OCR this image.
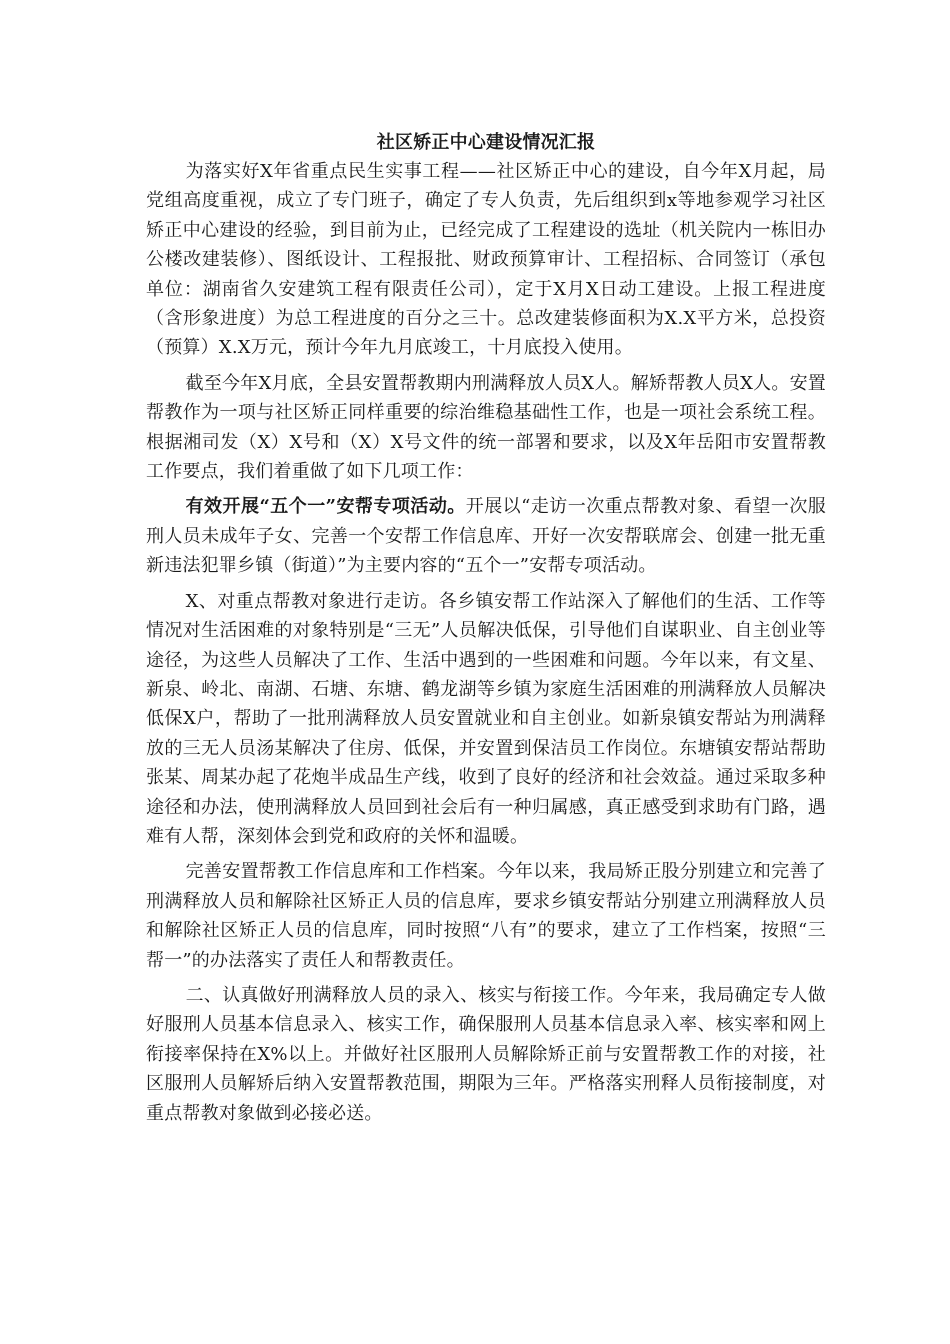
社区矫正中心建设情况汇报

为落实好X年省重点民生实事工程——社区矫正中心的建设，自今年X月起，局党组高度重视，成立了专门班子，确定了专人负责，先后组织到x等地参观学习社区矫正中心建设的经验，到目前为止，已经完成了工程建设的选址（机关院内一栋旧办公楼改建装修）、图纸设计、工程报批、财政预算审计、工程招标、合同签订（承包单位：湖南省久安建筑工程有限责任公司），定于X月X日动工建设。上报工程进度（含形象进度）为总工程进度的百分之三十。总改建装修面积为X.X平方米，总投资（预算）X.X万元，预计今年九月底竣工，十月底投入使用。

截至今年X月底，全县安置帮教期内刑满释放人员X人。解矫帮教人员X人。安置帮教作为一项与社区矫正同样重要的综治维稳基础性工作，也是一项社会系统工程。根据湘司发（X）X号和（X）X号文件的统一部署和要求，以及X年岳阳市安置帮教工作要点，我们着重做了如下几项工作：

有效开展“五个一”安帮专项活动。开展以“走访一次重点帮教对象、看望一次服刑人员未成年子女、完善一个安帮工作信息库、开好一次安帮联席会、创建一批无重新违法犯罪乡镇（街道）”为主要内容的“五个一”安帮专项活动。

X、对重点帮教对象进行走访。各乡镇安帮工作站深入了解他们的生活、工作等情况对生活困难的对象特别是“三无”人员解决低保，引导他们自谋职业、自主创业等途径，为这些人员解决了工作、生活中遇到的一些困难和问题。今年以来，有文星、新泉、岭北、南湖、石塘、东塘、鹤龙湖等乡镇为家庭生活困难的刑满释放人员解决低保X户，帮助了一批刑满释放人员安置就业和自主创业。如新泉镇安帮站为刑满释放的三无人员汤某解决了住房、低保，并安置到保洁员工作岗位。东塘镇安帮站帮助张某、周某办起了花炮半成品生产线，收到了良好的经济和社会效益。通过采取多种途径和办法，使刑满释放人员回到社会后有一种归属感，真正感受到求助有门路，遇难有人帮，深刻体会到党和政府的关怀和温暖。

完善安置帮教工作信息库和工作档案。今年以来，我局矫正股分别建立和完善了刑满释放人员和解除社区矫正人员的信息库，要求乡镇安帮站分别建立刑满释放人员和解除社区矫正人员的信息库，同时按照“八有”的要求，建立了工作档案，按照“三帮一”的办法落实了责任人和帮教责任。

二、认真做好刑满释放人员的录入、核实与衔接工作。今年来，我局确定专人做好服刑人员基本信息录入、核实工作，确保服刑人员基本信息录入率、核实率和网上衔接率保持在X%以上。并做好社区服刑人员解除矫正前与安置帮教工作的对接，社区服刑人员解矫后纳入安置帮教范围，期限为三年。严格落实刑释人员衔接制度，对重点帮教对象做到必接必送。
